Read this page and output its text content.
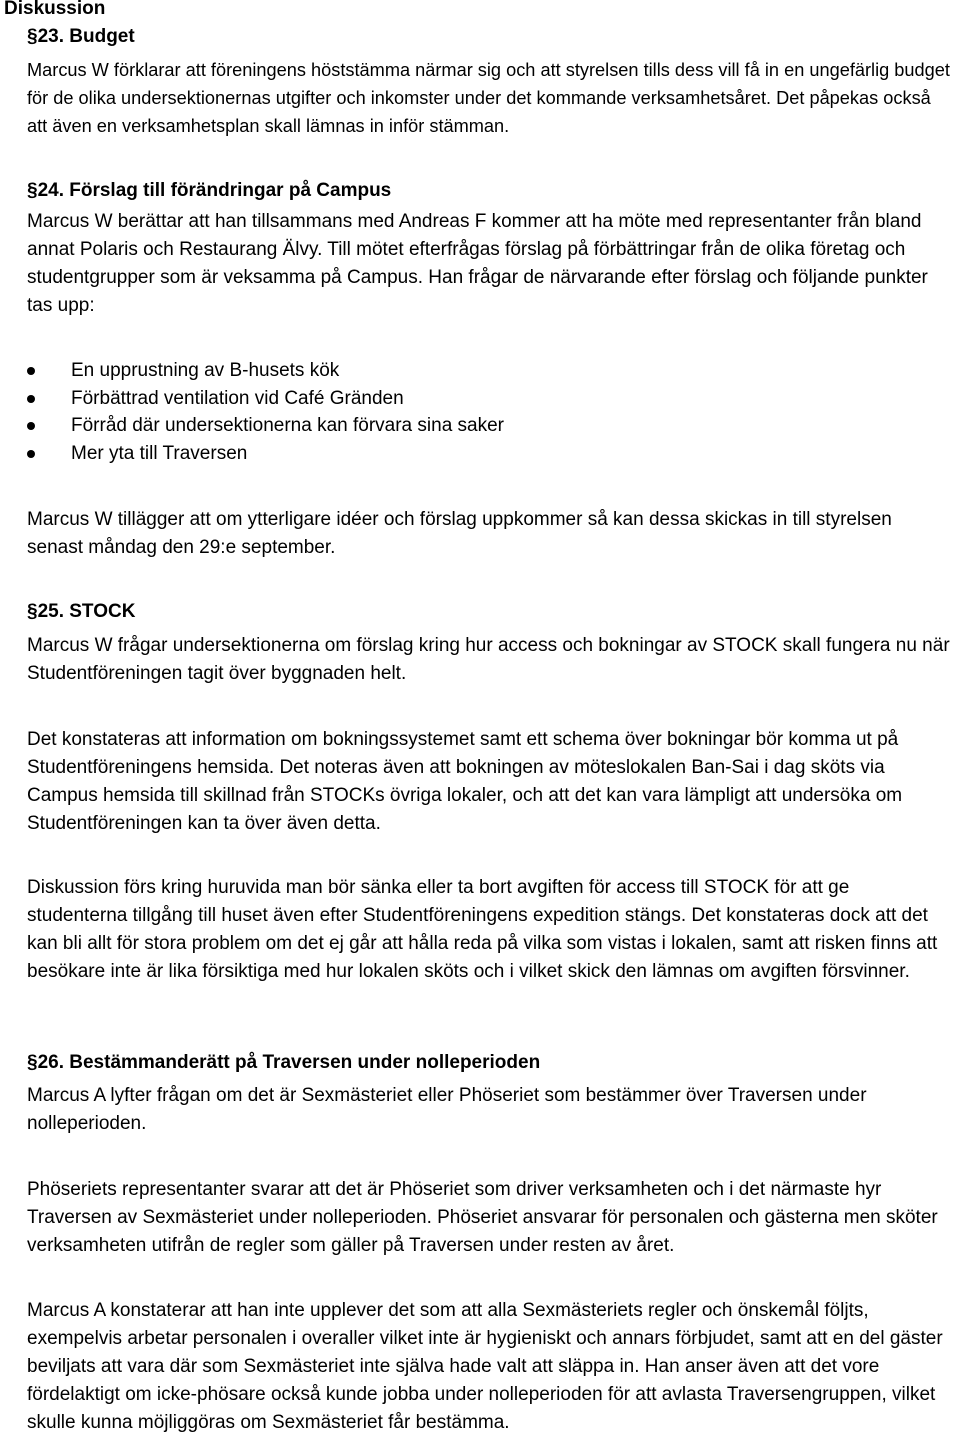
Diskussion
§23. Budget

Marcus W förklarar att föreningens höststämma närmar sig och att styrelsen tills dess vill få in en ungefärlig budget för de olika undersektionernas utgifter och inkomster under det kommande verksamhetsåret. Det påpekas också att även en verksamhetsplan skall lämnas in inför stämman.

§24. Förslag till förändringar på Campus

Marcus W berättar att han tillsammans med Andreas F kommer att ha möte med representanter från bland annat Polaris och Restaurang Älvy. Till mötet efterfrågas förslag på förbättringar från de olika företag och studentgrupper som är veksamma på Campus. Han frågar de närvarande efter förslag och följande punkter tas upp:

En upprustning av B-husets kök
Förbättrad ventilation vid Café Gränden
Förråd där undersektionerna kan förvara sina saker
Mer yta till Traversen

Marcus W tillägger att om ytterligare idéer och förslag uppkommer så kan dessa skickas in till styrelsen senast måndag den 29:e september.

§25. STOCK

Marcus W frågar undersektionerna om förslag kring hur access och bokningar av STOCK skall fungera nu när Studentföreningen tagit över byggnaden helt.

Det konstateras att information om bokningssystemet samt ett schema över bokningar bör komma ut på Studentföreningens hemsida. Det noteras även att bokningen av möteslokalen Ban-Sai i dag sköts via Campus hemsida till skillnad från STOCKs övriga lokaler, och att det kan vara lämpligt att undersöka om Studentföreningen kan ta över även detta.

Diskussion förs kring huruvida man bör sänka eller ta bort avgiften för access till STOCK för att ge studenterna tillgång till huset även efter Studentföreningens expedition stängs. Det konstateras dock att det kan bli allt för stora problem om det ej går att hålla reda på vilka som vistas i lokalen, samt att risken finns att besökare inte är lika försiktiga med hur lokalen sköts och i vilket skick den lämnas om avgiften försvinner.

§26. Bestämmanderätt på Traversen under nolleperioden

Marcus A lyfter frågan om det är Sexmästeriet eller Phöseriet som bestämmer över Traversen under nolleperioden.

Phöseriets representanter svarar att det är Phöseriet som driver verksamheten och i det närmaste hyr Traversen av Sexmästeriet under nolleperioden. Phöseriet ansvarar för personalen och gästerna men sköter verksamheten utifrån de regler som gäller på Traversen under resten av året.

Marcus A konstaterar att han inte upplever det som att alla Sexmästeriets regler och önskemål följts, exempelvis arbetar personalen i overaller vilket inte är hygieniskt och annars förbjudet, samt att en del gäster beviljats att vara där som Sexmästeriet inte själva hade valt att släppa in. Han anser även att det vore fördelaktigt om icke-phösare också kunde jobba under nolleperioden för att avlasta Traversengruppen, vilket skulle kunna möjliggöras om Sexmästeriet får bestämma.
